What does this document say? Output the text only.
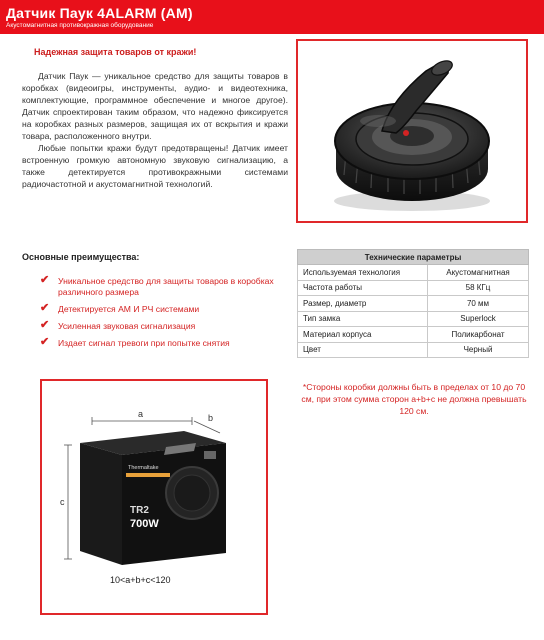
Датчик Паук 4ALARM (AM)
Акустомагнитная противокражная оборудование
Надежная защита товаров от кражи!

Датчик Паук — уникальное средство для защиты товаров в коробках (видеоигры, инструменты, аудио- и видеотехника, комплектующие, программное обеспечение и многое другое). Датчик спроектирован таким образом, что надежно фиксируется на коробках разных размеров, защищая их от вскрытия и кражи товара, расположенного внутри.

Любые попытки кражи будут предотвращены! Датчик имеет встроенную громкую автономную звуковую сигнализацию, а также детектируется противокражными системами радиочастотной и акустомагнитной технологий.

Основные преимущества:
✔ Уникальное средство для защиты товаров в коробках различного размера
✔ Детектируется АМ И РЧ системами
✔ Усиленная звуковая сигнализация
✔ Издает сигнал тревоги при попытке снятия
Технические параметры	
Используемая технология	Акустомагнитная
Частота работы	58 КГц
Размер, диаметр	70 мм
Тип замка	Superlock
Материал корпуса	Поликарбонат
Цвет	Черный
*Стороны коробки должны быть в пределах от 10 до 70 см, при этом сумма сторон a+b+c не должна превышать 120 см.
a	b
c
Thermaltake
TR2
700W
10<a+b+c<120
